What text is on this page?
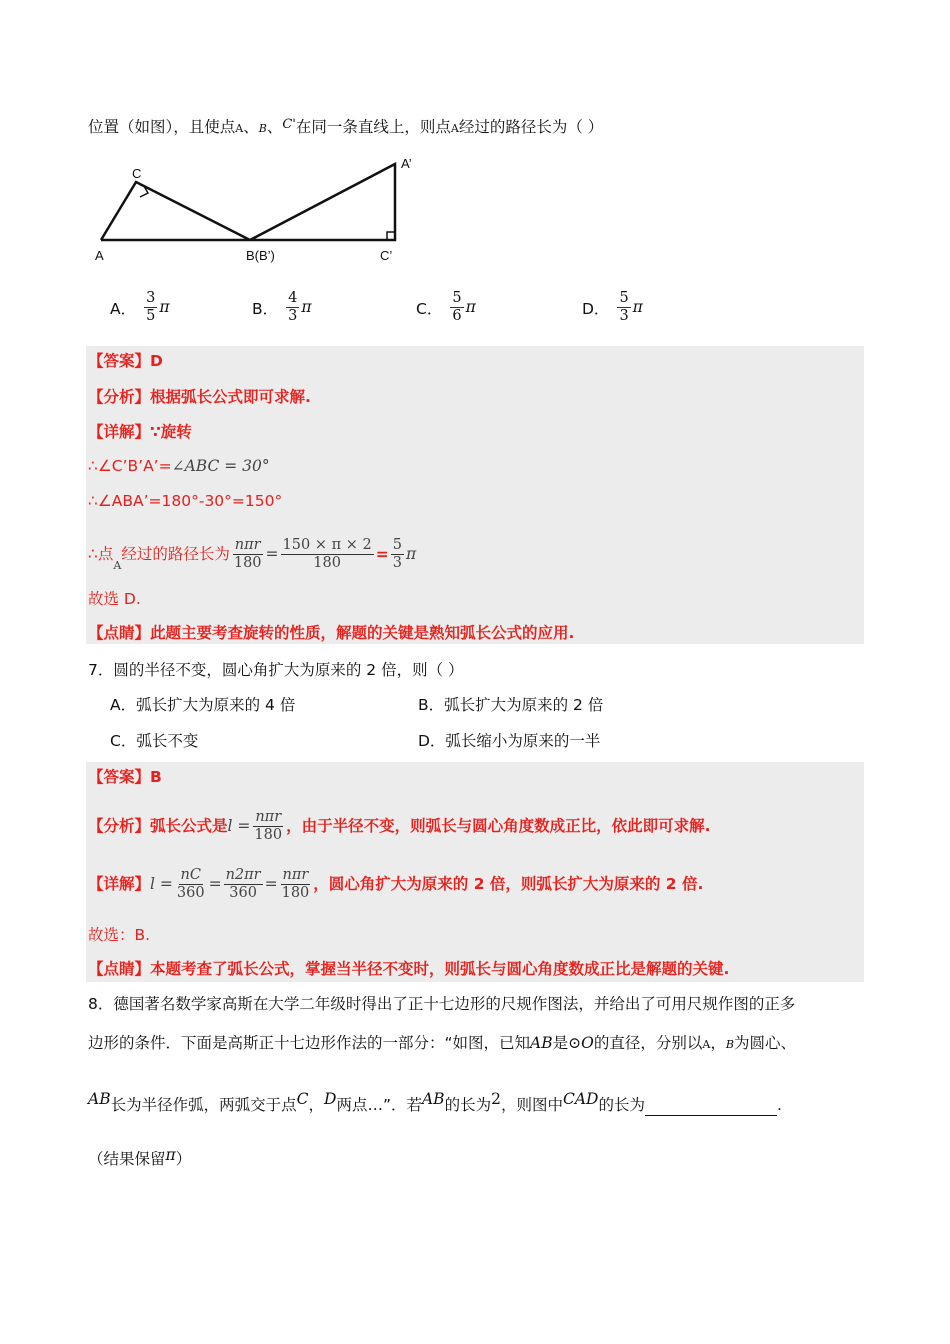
位置（如图），且使点A、B、$^{C'}$在同一条直线上，则点A经过的路径长为（ ）
C
A	B(B’)
A’
C’
A． $\frac{3}{5}$ π	B． $\frac{4}{3}$ π	C． $\frac{5}{6}$ π	D． $\frac{5}{3}$ π
【答案】D
【分析】根据弧长公式即可求解.
【详解】∵旋转
∴∠C’B’A’=∠ABC = 30°
∴∠ABA’=180°-30°=150°
∴点$_A$经过的路径长为 $\frac{\text{nπr}}{180} = \frac{150 \times \pi \times 2}{180} = \frac{5}{3}$ π
故选 D.
【点睛】此题主要考查旋转的性质，解题的关键是熟知弧长公式的应用.
7．圆的半径不变，圆心角扩大为原来的 2 倍，则（ ）
A．弧长扩大为原来的 4 倍	B．弧长扩大为原来的 2 倍
C．弧长不变	D．弧长缩小为原来的一半
【答案】B
【分析】弧长公式是$l = \frac{\text{nπr}}{180}$ ，由于半径不变，则弧长与圆心角度数成正比，依此即可求解.
【详解】$l = \frac{nC}{360} = \frac{n2\pi r}{360} = \frac{\text{nπr}}{180}$ ，圆心角扩大为原来的 2 倍，则弧长扩大为原来的 2 倍.
故选：B.
【点睛】本题考查了弧长公式，掌握当半径不变时，则弧长与圆心角度数成正比是解题的关键.
8．德国著名数学家高斯在大学二年级时得出了正十七边形的尺规作图法，并给出了可用尺规作图的正多
边形的条件．下面是高斯正十七边形作法的一部分：“如图，已知AB是⊙O的直径，分别以A，B为圆心、
AB长为半径作弧，两弧交于点C，D两点…”．若AB的长为2，则图中CAD的长为	.
（结果保留π）
